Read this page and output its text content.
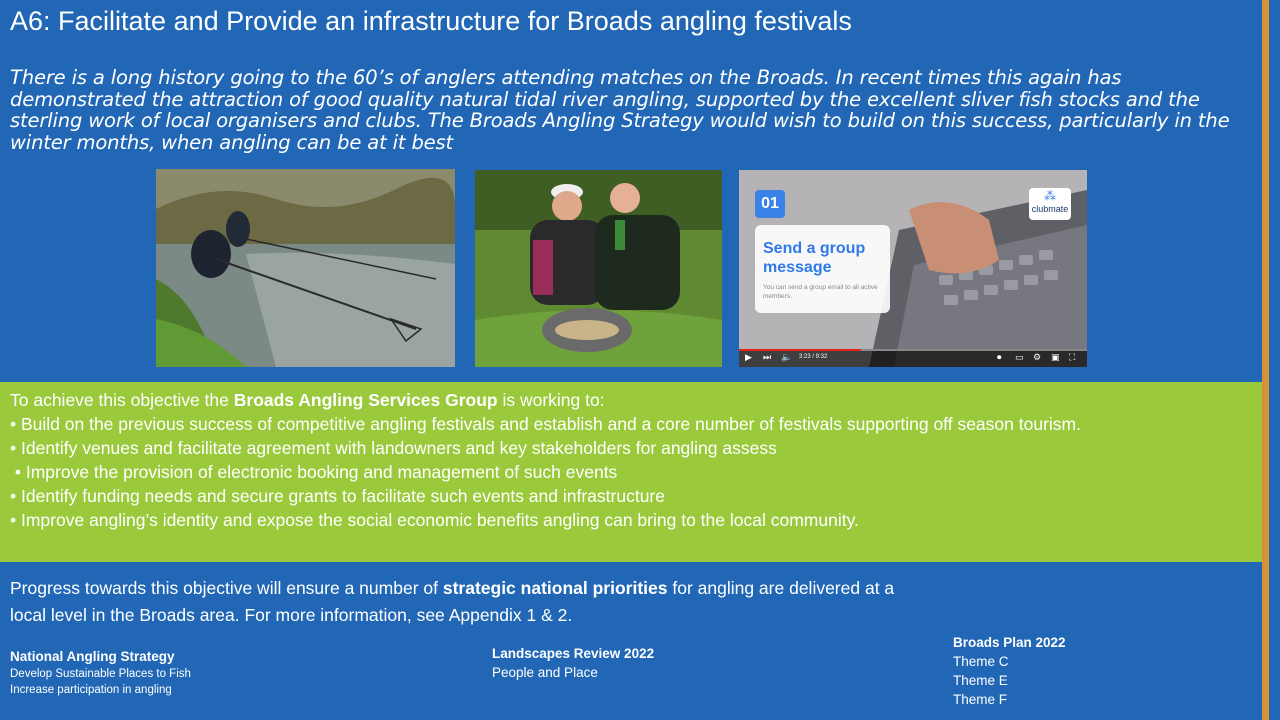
A6: Facilitate and Provide an infrastructure for Broads angling festivals
There is a long history going to the 60’s of anglers attending matches on the Broads. In recent times this again has demonstrated the attraction of good quality natural tidal river angling, supported by the excellent sliver fish stocks and the sterling work of local organisers and clubs. The Broads Angling Strategy would wish to build on this success, particularly in the winter months, when angling can be at it best
01	⁂
clubmate
Send a group message
You can send a group email to all active members.
▶ ⏭ 🔈 3:23 / 9:32	⏺ ▭ ⚙ ▣ ⛶
To achieve this objective the Broads Angling Services Group is working to:
• Build on the previous success of competitive angling festivals and establish and a core number of festivals supporting off season tourism.
• Identify venues and facilitate agreement with landowners and key stakeholders for angling assess
• Improve the provision of electronic booking and management of such events
• Identify funding needs and secure grants to facilitate such events and infrastructure
• Improve angling’s identity and expose the social economic benefits angling can bring to the local community.
Progress towards this objective will ensure a number of strategic national priorities for angling are delivered at a local level in the Broads area. For more information, see Appendix 1 & 2.
National Angling Strategy
Develop Sustainable Places to Fish
Increase participation in angling
Landscapes Review 2022
People and Place
Broads Plan 2022
Theme C
Theme E
Theme F
